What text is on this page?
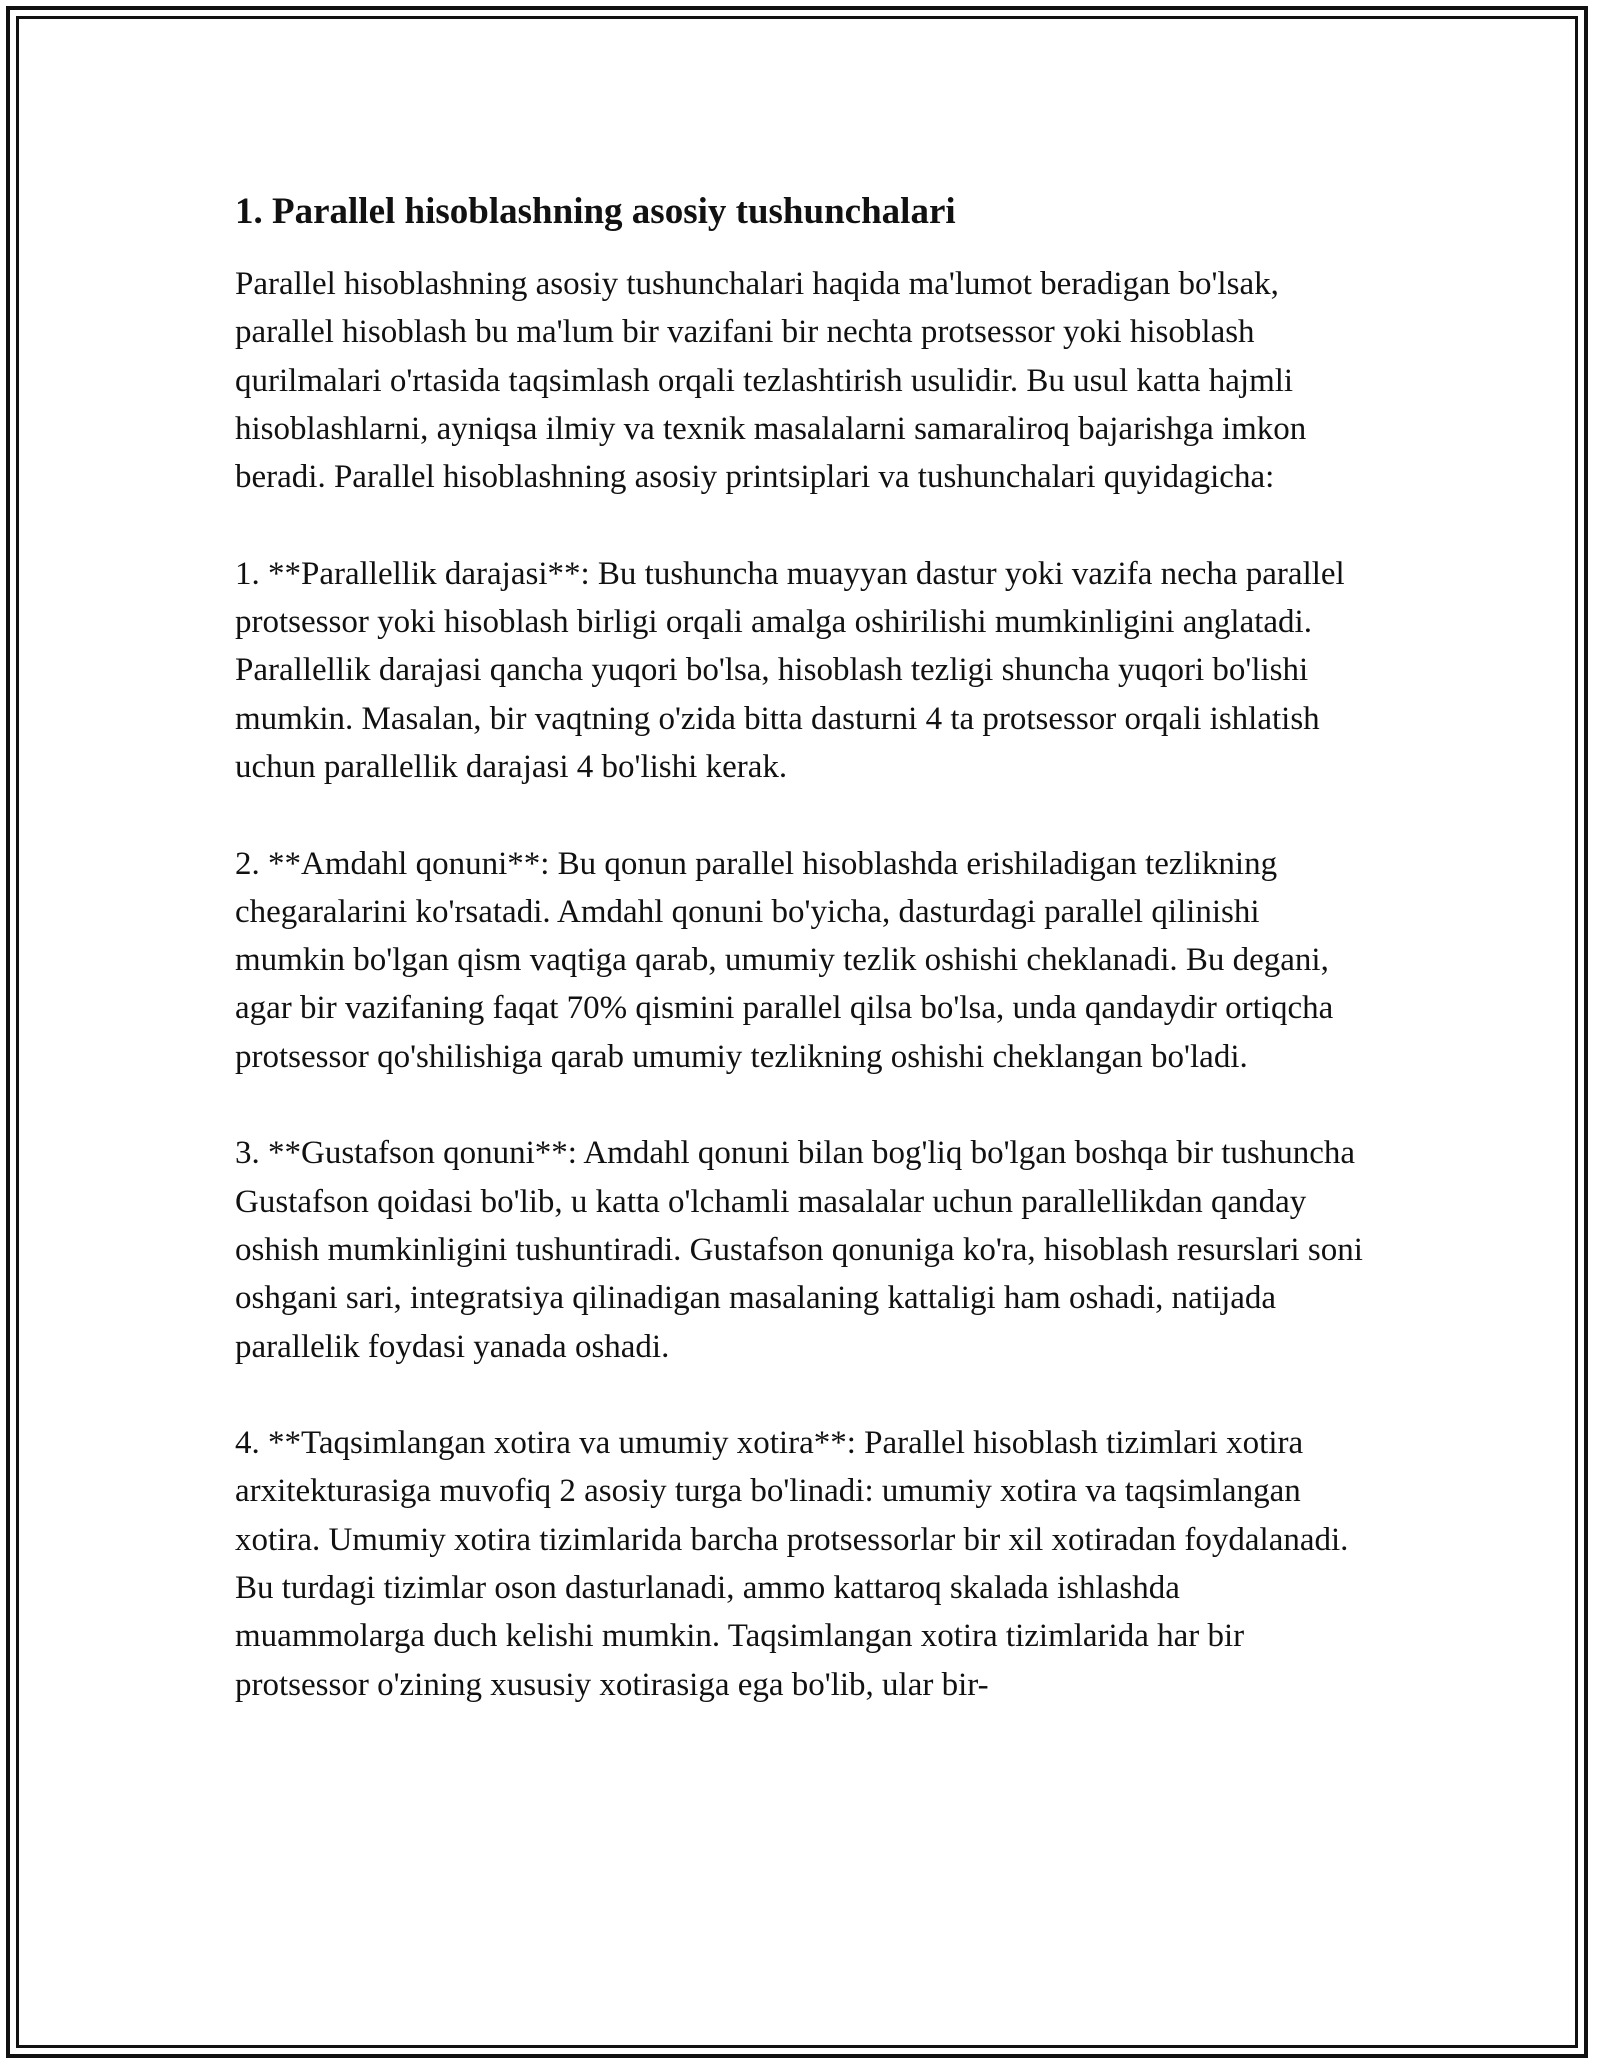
1. Parallel hisoblashning asosiy tushunchalari

Parallel hisoblashning asosiy tushunchalari haqida ma'lumot beradigan bo'lsak, parallel hisoblash bu ma'lum bir vazifani bir nechta protsessor yoki hisoblash qurilmalari o'rtasida taqsimlash orqali tezlashtirish usulidir. Bu usul katta hajmli hisoblashlarni, ayniqsa ilmiy va texnik masalalarni samaraliroq bajarishga imkon beradi. Parallel hisoblashning asosiy printsiplari va tushunchalari quyidagicha:

1. **Parallellik darajasi**: Bu tushuncha muayyan dastur yoki vazifa necha parallel protsessor yoki hisoblash birligi orqali amalga oshirilishi mumkinligini anglatadi. Parallellik darajasi qancha yuqori bo'lsa, hisoblash tezligi shuncha yuqori bo'lishi mumkin. Masalan, bir vaqtning o'zida bitta dasturni 4 ta protsessor orqali ishlatish uchun parallellik darajasi 4 bo'lishi kerak.

2. **Amdahl qonuni**: Bu qonun parallel hisoblashda erishiladigan tezlikning chegaralarini ko'rsatadi. Amdahl qonuni bo'yicha, dasturdagi parallel qilinishi mumkin bo'lgan qism vaqtiga qarab, umumiy tezlik oshishi cheklanadi. Bu degani, agar bir vazifaning faqat 70% qismini parallel qilsa bo'lsa, unda qandaydir ortiqcha protsessor qo'shilishiga qarab umumiy tezlikning oshishi cheklangan bo'ladi.

3. **Gustafson qonuni**: Amdahl qonuni bilan bog'liq bo'lgan boshqa bir tushuncha Gustafson qoidasi bo'lib, u katta o'lchamli masalalar uchun parallellikdan qanday oshish mumkinligini tushuntiradi. Gustafson qonuniga ko'ra, hisoblash resurslari soni oshgani sari, integratsiya qilinadigan masalaning kattaligi ham oshadi, natijada parallelik foydasi yanada oshadi.

4. **Taqsimlangan xotira va umumiy xotira**: Parallel hisoblash tizimlari xotira arxitekturasiga muvofiq 2 asosiy turga bo'linadi: umumiy xotira va taqsimlangan xotira. Umumiy xotira tizimlarida barcha protsessorlar bir xil xotiradan foydalanadi. Bu turdagi tizimlar oson dasturlanadi, ammo kattaroq skalada ishlashda muammolarga duch kelishi mumkin. Taqsimlangan xotira tizimlarida har bir protsessor o'zining xususiy xotirasiga ega bo'lib, ular bir-
